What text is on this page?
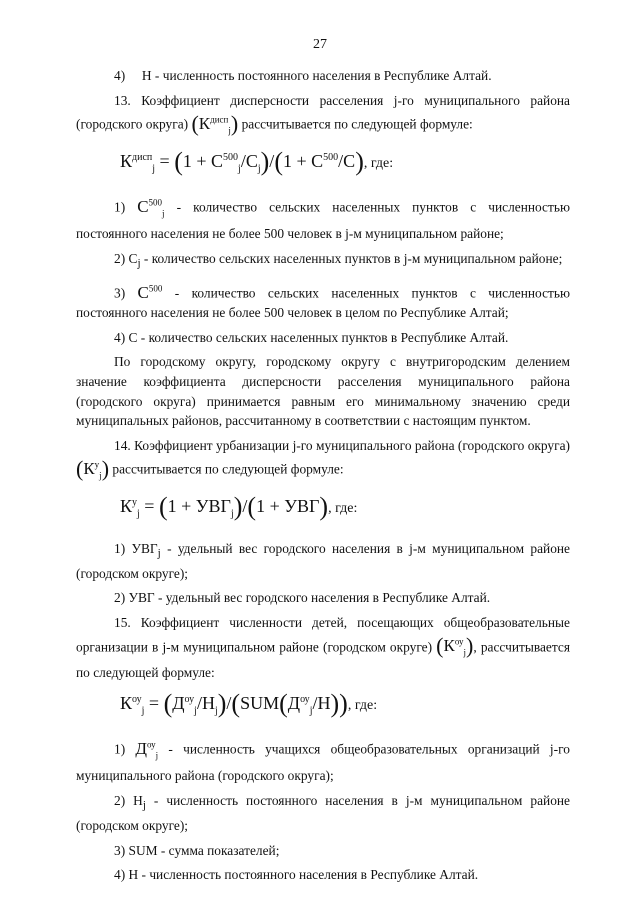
27

4) Н - численность постоянного населения в Республике Алтай.

13. Коэффициент дисперсности расселения j-го муниципального района (городского округа) $(К^{дисп}_j)$ рассчитывается по следующей формуле:

$К^{дисп}_j = (1 + С^{500}_j/С_j)/(1 + С^{500}/С)$, где:

1) $С^{500}_j$ - количество сельских населенных пунктов с численностью постоянного населения не более 500 человек в j-м муниципальном районе;

2) $С_j$ - количество сельских населенных пунктов в j-м муниципальном районе;

3) $С^{500}$ - количество сельских населенных пунктов с численностью постоянного населения не более 500 человек в целом по Республике Алтай;

4) С - количество сельских населенных пунктов в Республике Алтай.

По городскому округу, городскому округу с внутригородским делением значение коэффициента дисперсности расселения муниципального района (городского округа) принимается равным его минимальному значению среди муниципальных районов, рассчитанному в соответствии с настоящим пунктом.

14. Коэффициент урбанизации j-го муниципального района (городского округа) $(К^у_j)$ рассчитывается по следующей формуле:

$К^у_j = (1 + УВГ_j)/(1 + УВГ)$, где:

1) $УВГ_j$ - удельный вес городского населения в j-м муниципальном районе (городском округе);

2) УВГ - удельный вес городского населения в Республике Алтай.

15. Коэффициент численности детей, посещающих общеобразовательные организации в j-м муниципальном районе (городском округе) $(К^{оу}_j)$, рассчитывается по следующей формуле:

$К^{оу}_j = (Д^{оу}_j/Н_j)/(SUM(Д^{оу}_j/Н))$, где:

1) $Д^{оу}_j$ - численность учащихся общеобразовательных организаций j-го муниципального района (городского округа);

2) $Н_j$ - численность постоянного населения в j-м муниципальном районе (городском округе);

3) SUM - сумма показателей;

4) Н - численность постоянного населения в Республике Алтай.
